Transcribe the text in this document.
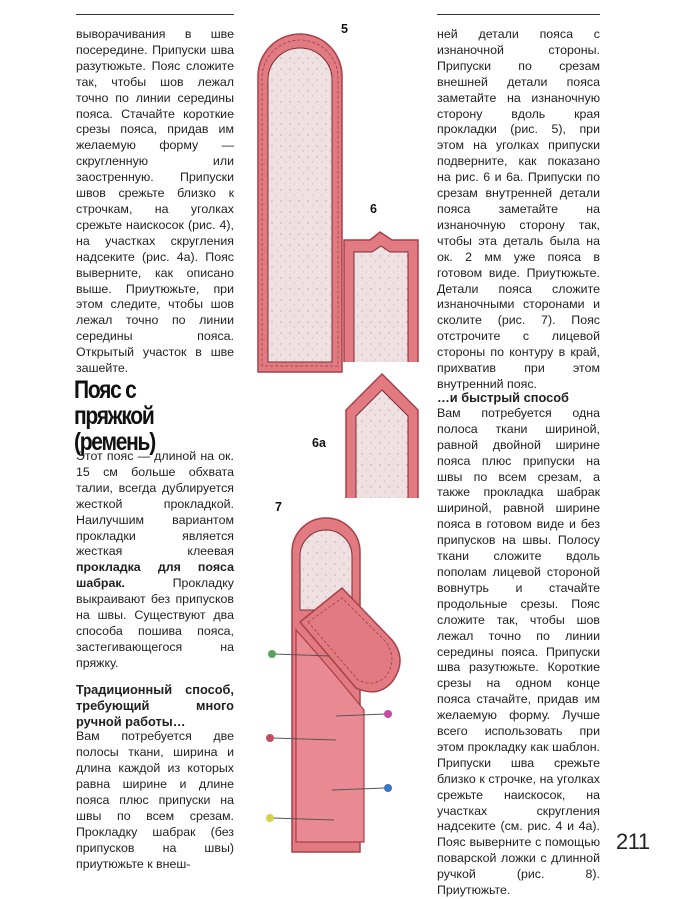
выворачивания в шве посередине. Припуски шва разутюжьте. Пояс сложите так, чтобы шов лежал точно по линии середины пояса. Стачайте короткие срезы пояса, придав им желаемую форму — скругленную или заостренную. Припуски швов срежьте близко к строчкам, на уголках срежьте наискосок (рис. 4), на участках скругления надсеките (рис. 4а). Пояс выверните, как описано выше. Приутюжьте, при этом следите, чтобы шов лежал точно по линии середины пояса. Открытый участок в шве зашейте.

Пояс с пряжкой (ремень)

Этот пояс — длиной на ок. 15 см больше обхвата талии, всегда дублируется жесткой прокладкой. Наилучшим вариантом прокладки является жесткая клеевая прокладка для пояса шабрак. Прокладку выкраивают без припусков на швы. Существуют два способа пошива пояса, застегивающегося на пряжку.

Традиционный способ, требующий много ручной работы…

Вам потребуется две полосы ткани, ширина и длина каждой из которых равна ширине и длине пояса плюс припуски на швы по всем срезам. Прокладку шабрак (без припусков на швы) приутюжьте к внеш-

ней детали пояса с изнаночной стороны. Припуски по срезам внешней детали пояса заметайте на изнаночную сторону вдоль края прокладки (рис. 5), при этом на уголках припуски подверните, как показано на рис. 6 и 6а. Припуски по срезам внутренней детали пояса заметайте на изнаночную сторону так, чтобы эта деталь была на ок. 2 мм уже пояса в готовом виде. Приутюжьте. Детали пояса сложите изнаночными сторонами и сколите (рис. 7). Пояс отстрочите с лицевой стороны по контуру в край, прихватив при этом внутренний пояс.

…и быстрый способ

Вам потребуется одна полоса ткани шириной, равной двойной ширине пояса плюс припуски на швы по всем срезам, а также прокладка шабрак шириной, равной ширине пояса в готовом виде и без припусков на швы. Полосу ткани сложите вдоль пополам лицевой стороной вовнутрь и стачайте продольные срезы. Пояс сложите так, чтобы шов лежал точно по линии середины пояса. Припуски шва разутюжьте. Короткие срезы на одном конце пояса стачайте, придав им желаемую форму. Лучше всего использовать при этом прокладку как шаблон. Припуски шва срежьте близко к строчке, на уголках срежьте наискосок, на участках скругления надсеките (см. рис. 4 и 4а). Пояс выверните с помощью поварской ложки с длинной ручкой (рис. 8). Приутюжьте.

5
6
6а
7
211
